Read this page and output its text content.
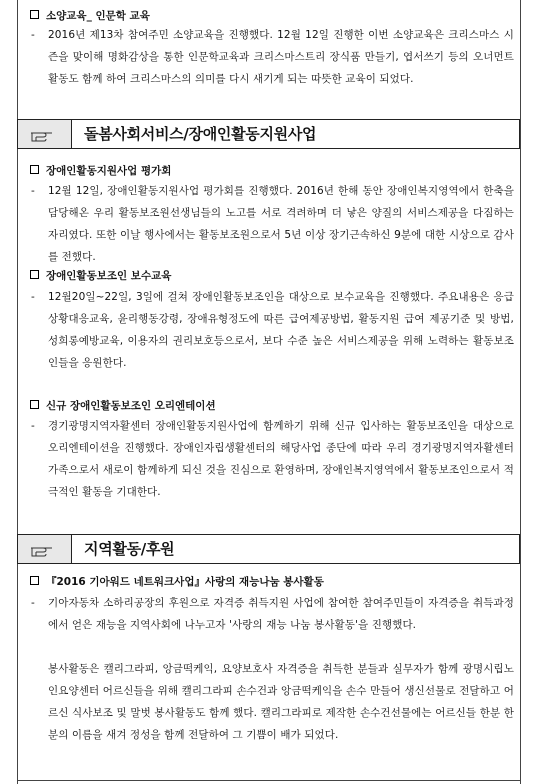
소양교육_ 인문학 교육
- 2016년 제13차 참여주민 소양교육을 진행했다. 12월 12일 진행한 이번 소양교육은 크리스마스 시즌을 맞이해 명화감상을 통한 인문학교육과 크리스마스트리 장식품 만들기, 엽서쓰기 등의 오너먼트 활동도 함께 하여 크리스마스의 의미를 다시 새기게 되는 따뜻한 교육이 되었다.
돌봄사회서비스/장애인활동지원사업
장애인활동지원사업 평가회
- 12월 12일, 장애인활동지원사업 평가회를 진행했다. 2016년 한해 동안 장애인복지영역에서 한축을 담당해온 우리 활동보조원선생님들의 노고를 서로 격려하며 더 낳은 양질의 서비스제공을 다짐하는 자리였다. 또한 이날 행사에서는 활동보조원으로서 5년 이상 장기근속하신 9분에 대한 시상으로 감사를 전했다.
장애인활동보조인 보수교육
- 12월20일~22일, 3일에 걸쳐 장애인활동보조인을 대상으로 보수교육을 진행했다. 주요내용은 응급상황대응교육, 윤리행동강령, 장애유형정도에 따른 급여제공방법, 활동지원 급여 제공기준 및 방법, 성희롱예방교육, 이용자의 권리보호등으로서, 보다 수준 높은 서비스제공을 위해 노력하는 활동보조인들을 응원한다.
신규 장애인활동보조인 오리엔테이션
- 경기광명지역자활센터 장애인활동지원사업에 함께하기 위해 신규 입사하는 활동보조인을 대상으로 오리엔테이션을 진행했다. 장애인자립생활센터의 해당사업 종단에 따라 우리 경기광명지역자활센터 가족으로서 새로이 함께하게 되신 것을 진심으로 환영하며, 장애인복지영역에서 활동보조인으로서 적극적인 활동을 기대한다.
지역활동/후원
『2016 기아워드 네트워크사업』사랑의 재능나눔 봉사활동
- 기아자동차 소하리공장의 후원으로 자격증 취득지원 사업에 참여한 참여주민들이 자격증을 취득과정에서 얻은 재능을 지역사회에 나누고자 '사랑의 재능 나눔 봉사활동'을 진행했다.
봉사활동은 캘리그라피, 앙금떡케익, 요양보호사 자격증을 취득한 분들과 실무자가 함께 광명시립노인요양센터 어르신들을 위해 캘리그라피 손수건과 앙금떡케익을 손수 만들어 생신선물로 전달하고 어르신 식사보조 및 말벗 봉사활동도 함께 했다. 캘리그라피로 제작한 손수건선물에는 어르신들 한분 한분의 이름을 새겨 정성을 함께 전달하여 그 기쁨이 배가 되었다.
